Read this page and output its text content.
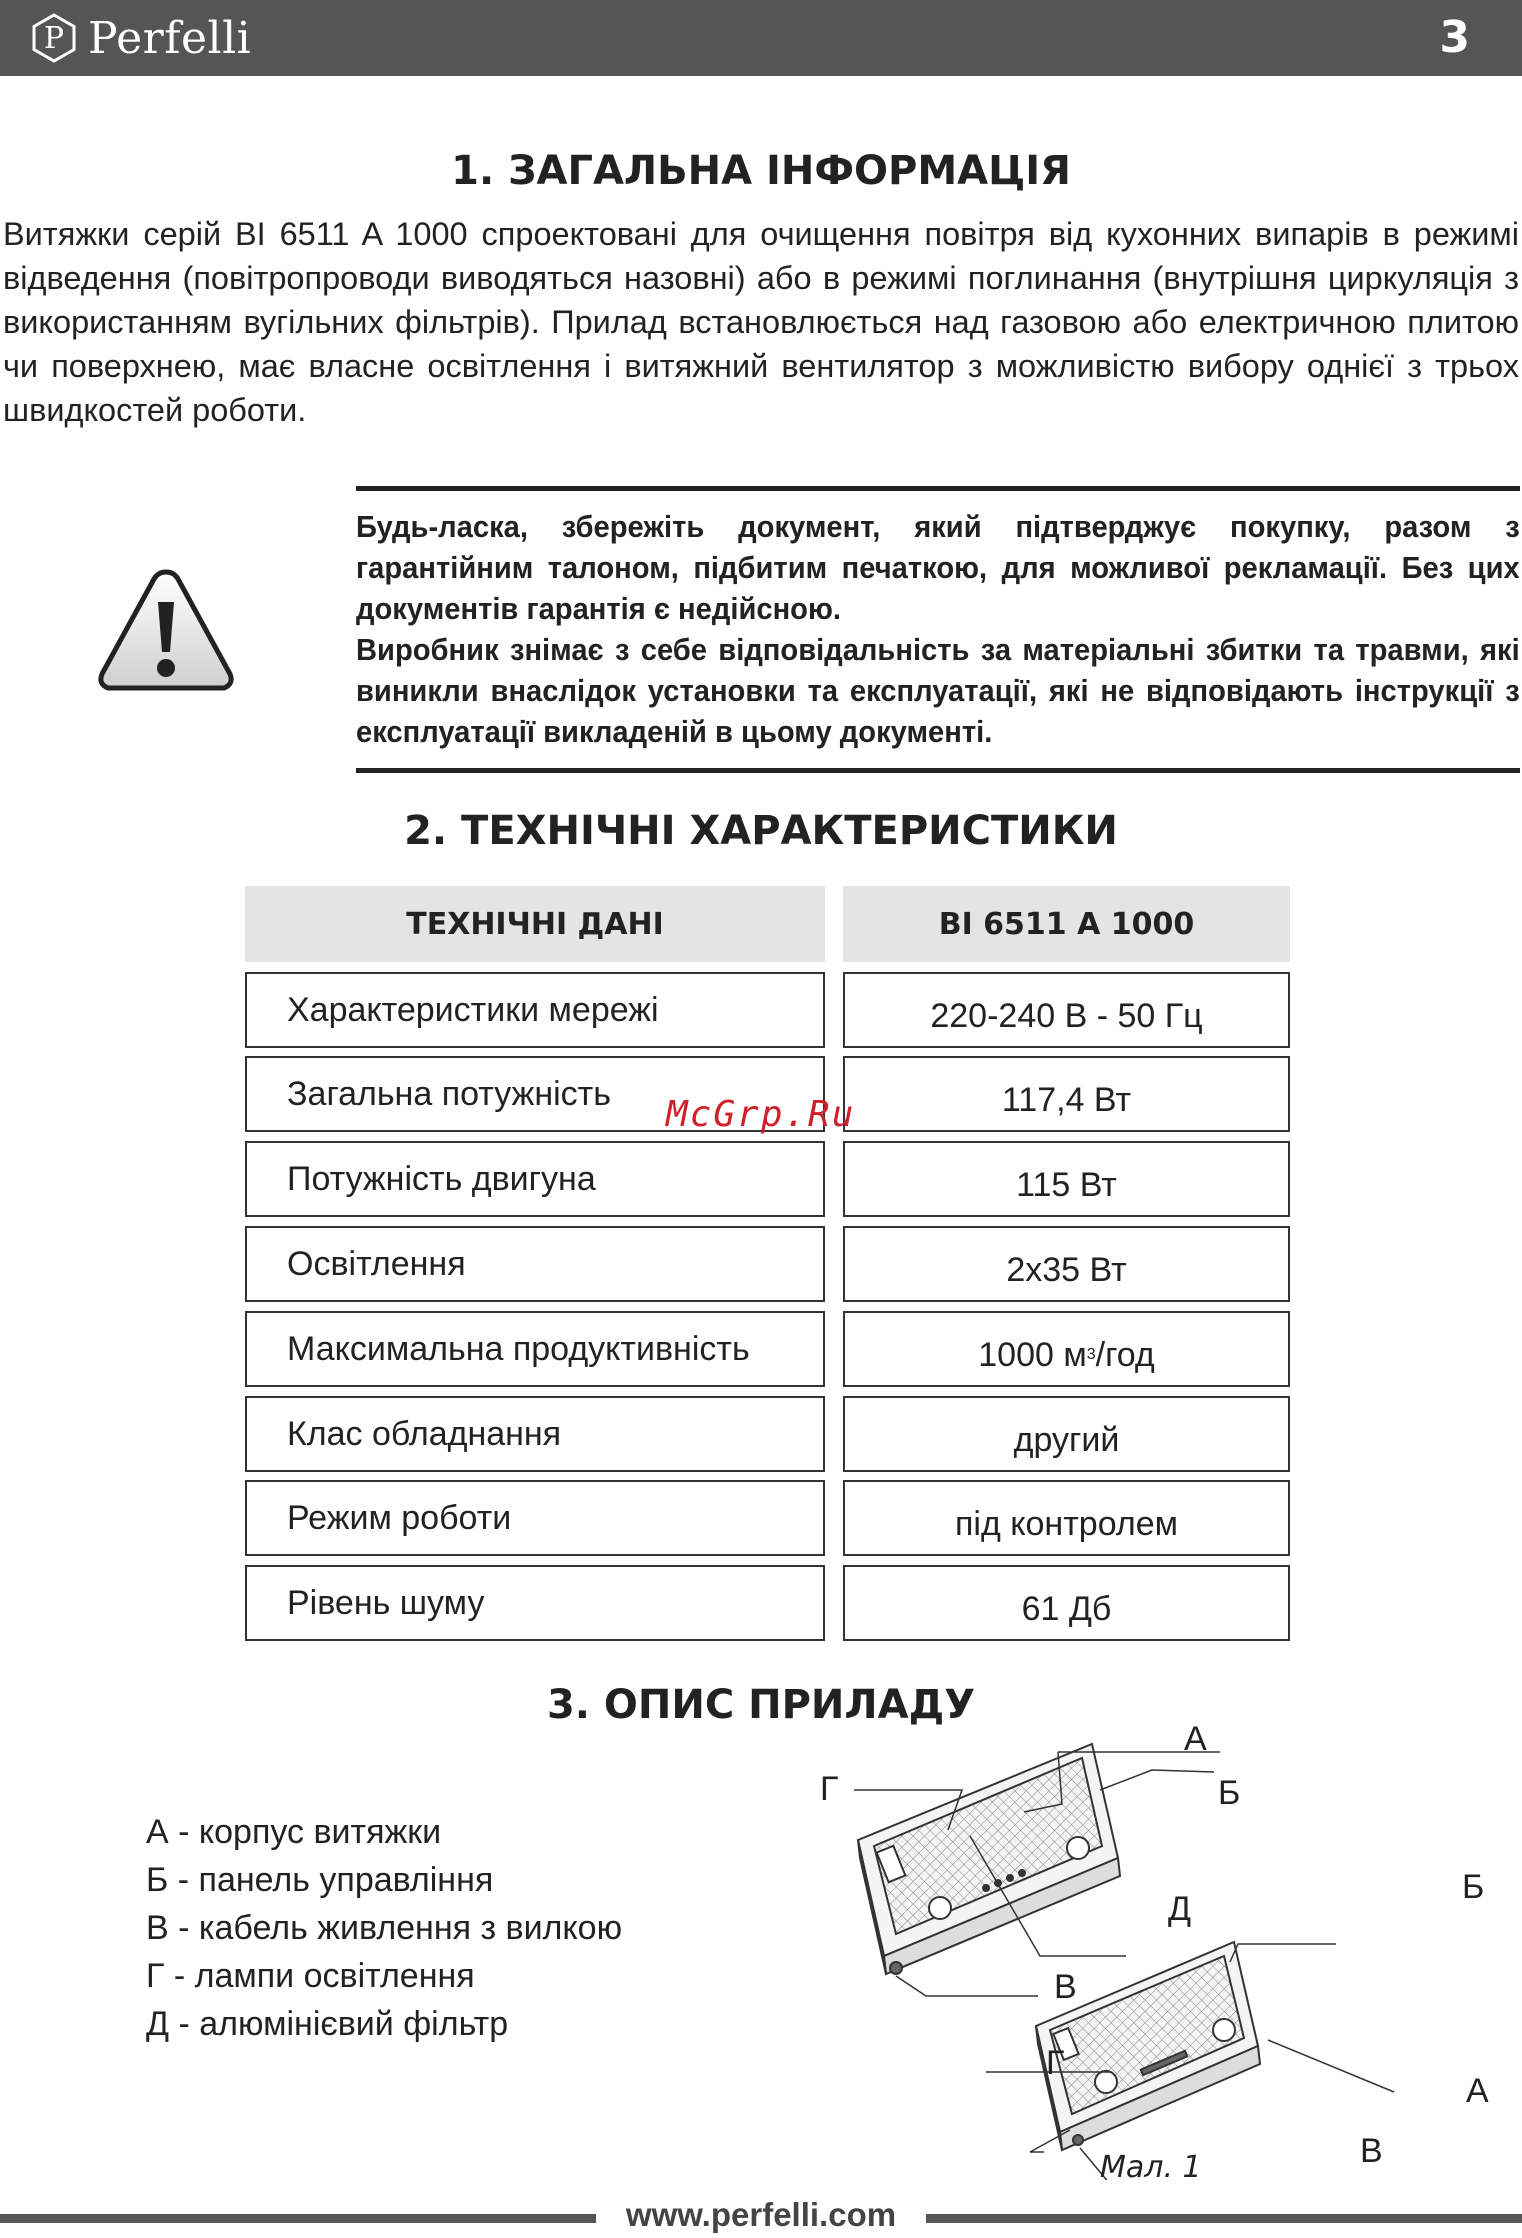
P Perfelli	3
1. ЗАГАЛЬНА ІНФОРМАЦІЯ
Витяжки серій BI 6511 A 1000 спроектовані для очищення повітря від кухонних випарів в режимі відведення (повітропроводи виводяться назовні) або в режимі поглинання (внутрішня циркуляція з використанням вугільних фільтрів). Прилад встановлюється над газовою або електричною плитою чи поверхнею, має власне освітлення і витяжний вентилятор з можливістю вибору однієї з трьох швидкостей роботи.
Будь-ласка, збережіть документ, який підтверджує покупку, разом з гарантійним талоном, підбитим печаткою, для можливої рекламації. Без цих документів гарантія є недійсною.
Виробник знімає з себе відповідальність за матеріальні збитки та травми, які виникли внаслідок установки та експлуатації, які не відповідають інструкції з експлуатації викладеній в цьому документі.
2. ТЕХНІЧНІ ХАРАКТЕРИСТИКИ
ТЕХНІЧНІ ДАНІ	BI 6511 A 1000
Характеристики мережі	220-240 В - 50 Гц
Загальна потужність	117,4 Вт
Потужність двигуна	115 Вт
Освітлення	2х35 Вт
Максимальна продуктивність	1000 м 3 /год
Клас обладнання	другий
Режим роботи	під контролем
Рівень шуму	61 Дб
McGrp.Ru
3. ОПИС ПРИЛАДУ
А - корпус витяжки
Б - панель управління
В - кабель живлення з вилкою
Г - лампи освітлення
Д - алюмінієвий фільтр
А
Б
Г
Д
В
Б
Г
А
В
Мал. 1
www.perfelli.com
